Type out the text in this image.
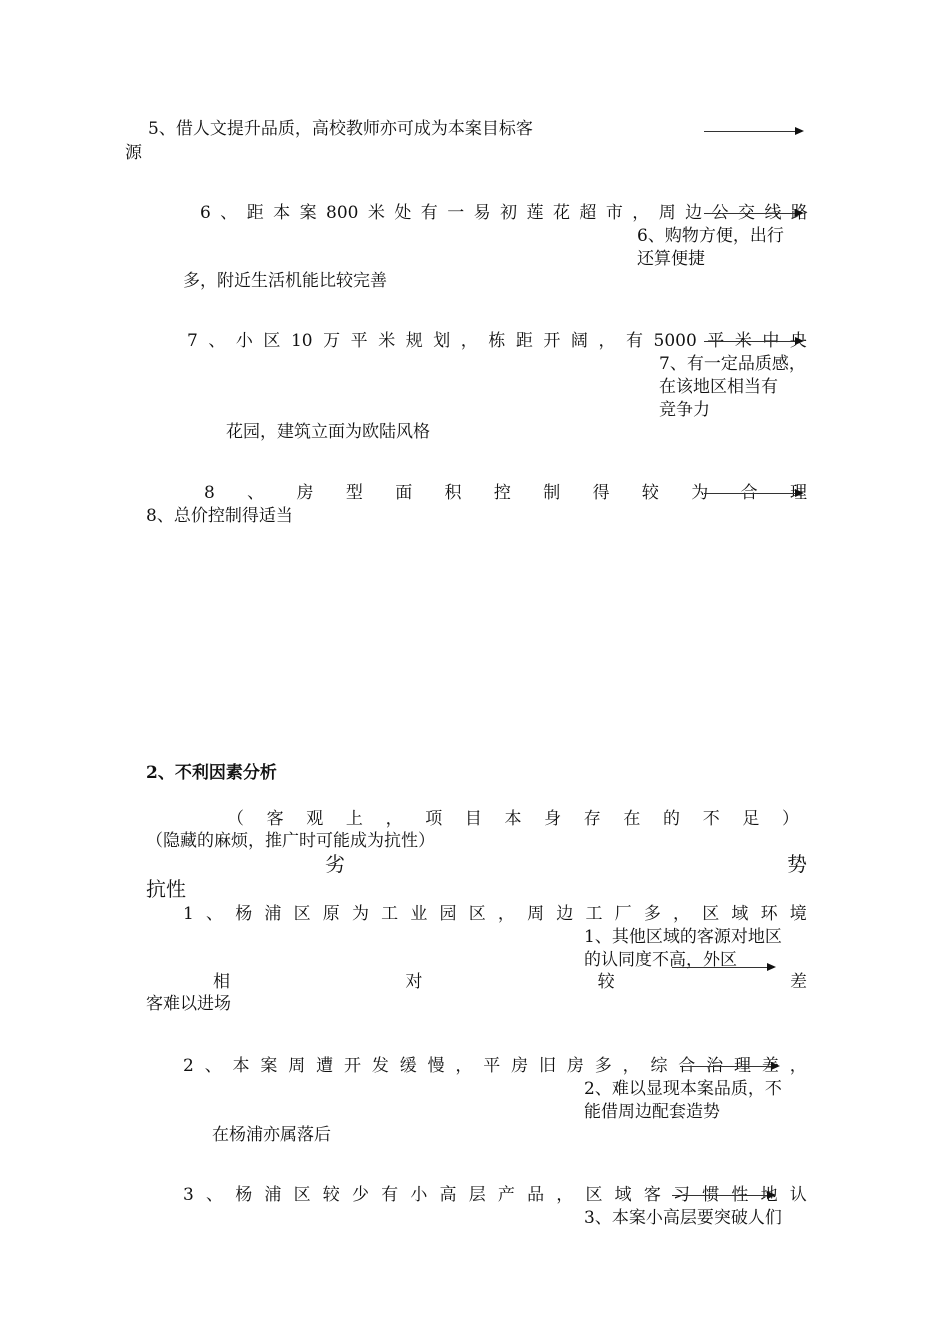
5、借人文提升品质，高校教师亦可成为本案目标客
源
6 、 距 本 案 800 米 处 有 一 易 初 莲 花 超 市 ， 周 边 公 交 线 路
6、购物方便，出行
还算便捷
多，附近生活机能比较完善
7 、 小 区 10 万 平 米 规 划 ， 栋 距 开 阔 ， 有 5000 平 米 中 央
7、有一定品质感，
在该地区相当有
竞争力
花园，建筑立面为欧陆风格
8 、 房 型 面 积 控 制 得 较 为 合 理
8、总价控制得适当
2、不利因素分析
（ 客 观 上 ， 项 目 本 身 存 在 的 不 足 ）
（隐藏的麻烦，推广时可能成为抗性）
劣	势
抗性
1 、 杨 浦 区 原 为 工 业 园 区 ， 周 边 工 厂 多 ， 区 域 环 境
1、其他区域的客源对地区
的认同度不高，外区
相	对	较	差
客难以进场
2 、 本 案 周 遭 开 发 缓 慢 ， 平 房 旧 房 多 ， 综 合 治 理 差 ，
2、难以显现本案品质，不
能借周边配套造势
在杨浦亦属落后
3 、 杨 浦 区 较 少 有 小 高 层 产 品 ， 区 域 客 习 惯 性 地 认
3、本案小高层要突破人们
